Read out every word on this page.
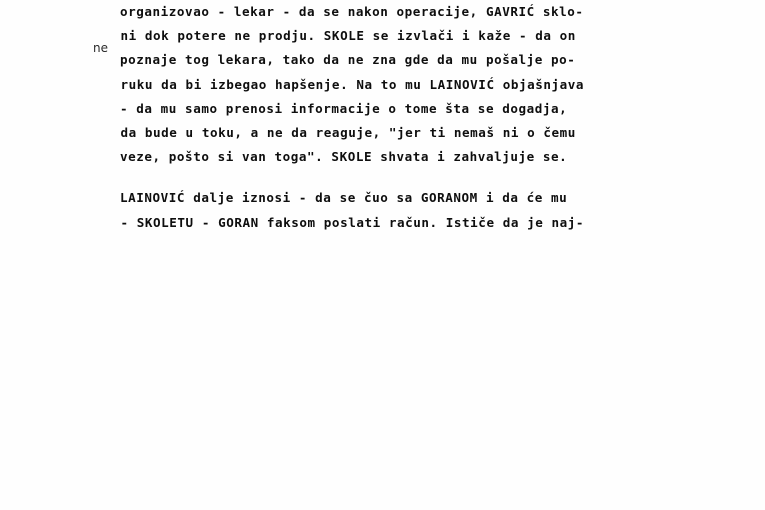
ne
organizovao - lekar - da se nakon operacije, GAVRIĆ sklo-
ni dok potere ne prodju. SKOLE se izvlači i kaže - da on
poznaje tog lekara, tako da ne zna gde da mu pošalje po-
ruku da bi izbegao hapšenje. Na to mu LAINOVIĆ objašnjava
- da mu samo prenosi informacije o tome šta se dogadja,
da bude u toku, a ne da reaguje, "jer ti nemaš ni o čemu
veze, pošto si van toga". SKOLE shvata i zahvaljuje se.
LAINOVIĆ dalje iznosi - da se čuo sa GORANOM i da će mu
- SKOLETU - GORAN faksom poslati račun. Ističe da je naj-
